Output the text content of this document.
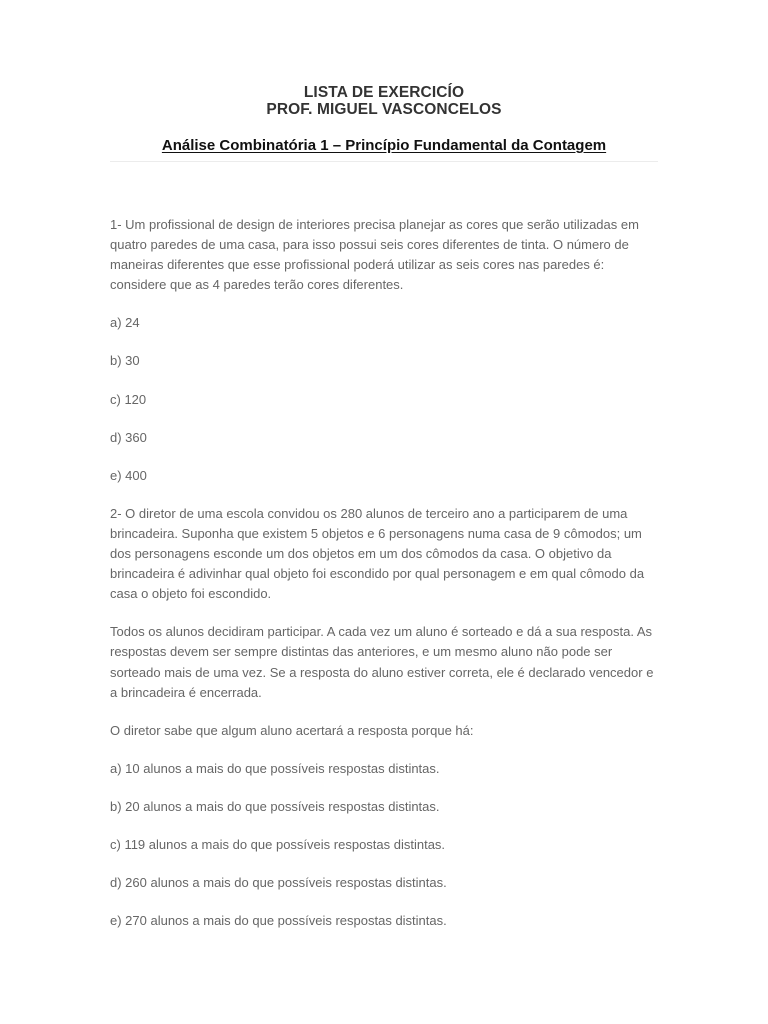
LISTA DE EXERCICÍO
PROF. MIGUEL VASCONCELOS
Análise Combinatória 1 – Princípio Fundamental da Contagem

1- Um profissional de design de interiores precisa planejar as cores que serão utilizadas em quatro paredes de uma casa, para isso possui seis cores diferentes de tinta. O número de maneiras diferentes que esse profissional poderá utilizar as seis cores nas paredes é: considere que as 4 paredes terão cores diferentes.

a) 24

b) 30

c) 120

d) 360

e) 400

2- O diretor de uma escola convidou os 280 alunos de terceiro ano a participarem de uma brincadeira. Suponha que existem 5 objetos e 6 personagens numa casa de 9 cômodos; um dos personagens esconde um dos objetos em um dos cômodos da casa. O objetivo da brincadeira é adivinhar qual objeto foi escondido por qual personagem e em qual cômodo da casa o objeto foi escondido.

Todos os alunos decidiram participar. A cada vez um aluno é sorteado e dá a sua resposta. As respostas devem ser sempre distintas das anteriores, e um mesmo aluno não pode ser sorteado mais de uma vez. Se a resposta do aluno estiver correta, ele é declarado vencedor e a brincadeira é encerrada.

O diretor sabe que algum aluno acertará a resposta porque há:

a) 10 alunos a mais do que possíveis respostas distintas.

b) 20 alunos a mais do que possíveis respostas distintas.

c) 119 alunos a mais do que possíveis respostas distintas.

d) 260 alunos a mais do que possíveis respostas distintas.

e) 270 alunos a mais do que possíveis respostas distintas.
